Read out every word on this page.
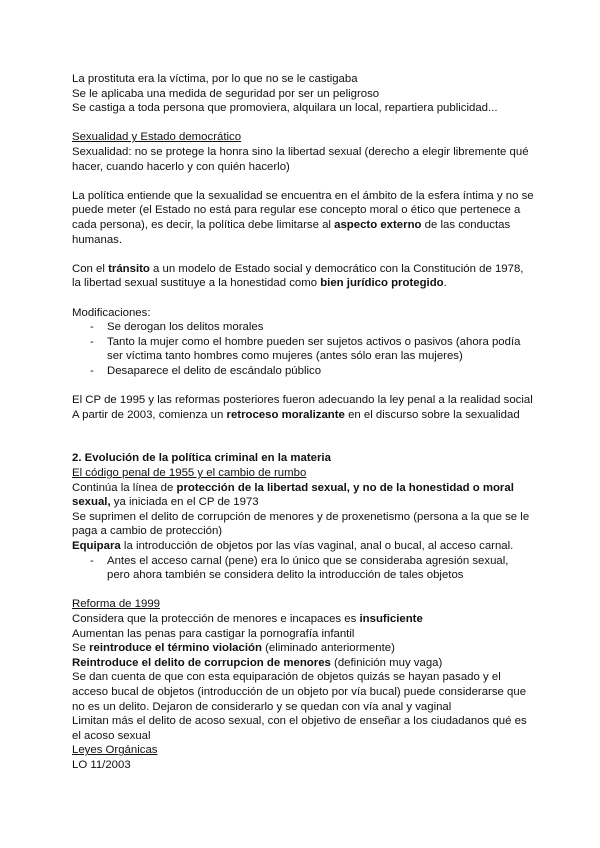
La prostituta era la víctima, por lo que no se le castigaba

Se le aplicaba una medida de seguridad por ser un peligroso

Se castiga a toda persona que promoviera, alquilara un local, repartiera publicidad...

Sexualidad y Estado democrático

Sexualidad: no se protege la honra sino la libertad sexual (derecho a elegir libremente qué hacer, cuando hacerlo y con quién hacerlo)

La política entiende que la sexualidad se encuentra en el ámbito de la esfera íntima y no se puede meter (el Estado no está para regular ese concepto moral o ético que pertenece a cada persona), es decir, la política debe limitarse al aspecto externo de las conductas humanas.

Con el tránsito a un modelo de Estado social y democrático con la Constitución de 1978, la libertad sexual sustituye a la honestidad como bien jurídico protegido.

Modificaciones:

- Se derogan los delitos morales
- Tanto la mujer como el hombre pueden ser sujetos activos o pasivos (ahora podía ser víctima tanto hombres como mujeres (antes sólo eran las mujeres)
- Desaparece el delito de escándalo público

El CP de 1995 y las reformas posteriores fueron adecuando la ley penal a la realidad social

A partir de 2003, comienza un retroceso moralizante en el discurso sobre la sexualidad

2. Evolución de la política criminal en la materia

El código penal de 1955 y el cambio de rumbo

Continúa la línea de protección de la libertad sexual, y no de la honestidad o moral sexual, ya iniciada en el CP de 1973

Se suprimen el delito de corrupción de menores y de proxenetismo (persona a la que se le paga a cambio de protección)

Equipara la introducción de objetos por las vías vaginal, anal o bucal, al acceso carnal.

- Antes el acceso carnal (pene) era lo único que se consideraba agresión sexual, pero ahora también se considera delito la introducción de tales objetos

Reforma de 1999

Considera que la protección de menores e incapaces es insuficiente

Aumentan las penas para castigar la pornografía infantil

Se reintroduce el término violación (eliminado anteriormente)

Reintroduce el delito de corrupcion de menores (definición muy vaga)

Se dan cuenta de que con esta equiparación de objetos quizás se hayan pasado y el acceso bucal de objetos (introducción de un objeto por vía bucal) puede considerarse que no es un delito. Dejaron de considerarlo y se quedan con vía anal y vaginal

Limitan más el delito de acoso sexual, con el objetivo de enseñar a los ciudadanos qué es el acoso sexual

Leyes Orgánicas

LO 11/2003
